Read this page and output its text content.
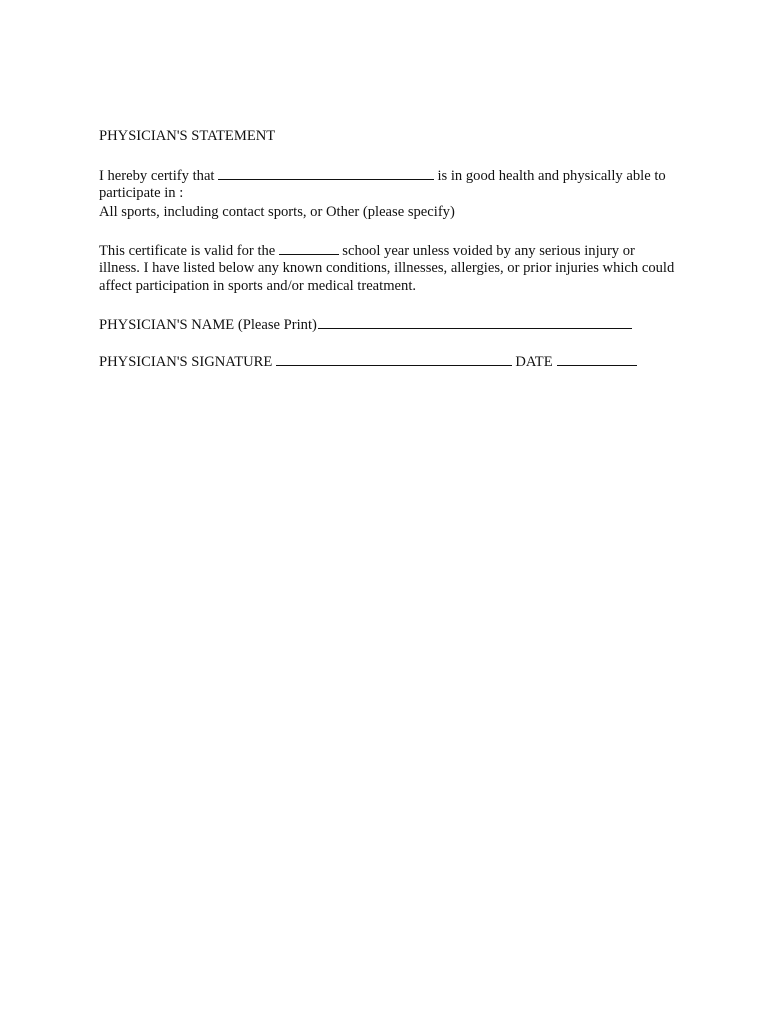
PHYSICIAN'S STATEMENT
I hereby certify that	is in good health and physically able to
participate in :
All sports, including contact sports, or Other (please specify)
This certificate is valid for the	school year unless voided by any serious injury or
illness. I have listed below any known conditions, illnesses, allergies, or prior injuries which could
affect participation in sports and/or medical treatment.
PHYSICIAN'S NAME (Please Print)
PHYSICIAN'S SIGNATURE	DATE
